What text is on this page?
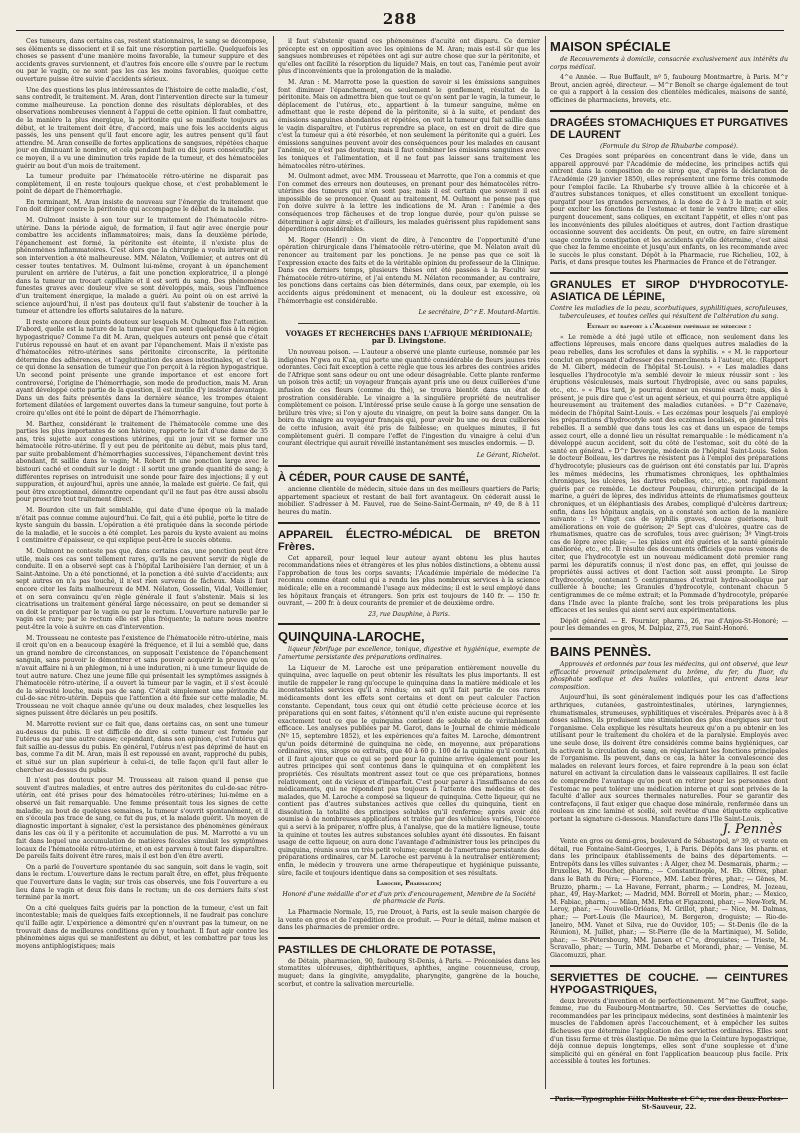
288

Ces tumeurs, dans certains cas, restent stationnaires, le sang se décompose, ses éléments se dissocient et il se fait une résorption partielle. Quelquefois les choses se passent d'une manière moins favorable, la tumeur suppure et des accidents graves surviennent, et d'autres fois encore elle s'ouvre par le rectum ou par le vagin, ce ne sont pas les cas les moins favorables, quoique cette ouverture puisse être suivie d'accidents sérieux.

Une des questions les plus intéressantes de l'histoire de cette maladie, c'est, sans contredit, le traitement. M. Aran, dont l'intervention directe sur la tumeur comme malheureuse. La ponction donne des résultats déplorables, et des observations nombreuses viennent à l'appui de cette opinion. Il faut combattre, de la manière la plus énergique, la péritonite qui se manifeste toujours au début, et le traitement doit être, d'accord, mais une fois les accidents aigus passés, les uns pensent qu'il faut encore agir, les autres pensent qu'il faut attendre. M. Aran conseille de fortes applications de sangsues, répétées chaque jour en diminuant le nombre, et cela pendant huit ou dix jours consécutifs; par ce moyen, il a vu une diminution très rapide de la tumeur, et des hématocèles guérir au bout d'un mois de traitement.

La tumeur produite par l'hématocèle rétro-utérine ne disparait pas complètement, il en reste toujours quelque chose, et c'est probablement le point de départ de l'hémorrhagie.

En terminant, M. Aran insiste de nouveau sur l'énergie du traitement que l'on doit diriger contre la péritonite qui accompagne le début de la maladie.

M. Oulmont insiste à son tour sur le traitement de l'hématocèle rétro-utérine. Dans la période aiguë, de formation, il faut agir avec énergie pour combattre les accidents inflammatoires; mais, dans la deuxième période, l'épanchement est formé, la péritonite est éteinte, il n'existe plus de phénomènes inflammatoires. C'est alors que la chirurgie a voulu intervenir et son intervention a été malheureuse. MM. Nélaton, Voillemier, et autres ont dû cesser toutes tentatives. M. Oulmont lui-même, croyant à un épanchement purulent en arrière de l'utérus, a fait une ponction exploratrice, il a plongé dans la tumeur un trocart capillaire et il est sorti du sang. Des phénomènes funestes graves avec douleur vive se sont développés, mais, sous l'influence d'un traitement énergique, la malade a guéri. Au point où on est arrivé la science aujourd'hui, il n'est pas douteux qu'il faut s'abstenir de toucher à la tumeur et attendre les efforts salutaires de la nature.

Il reste encore deux points douteux sur lesquels M. Oulmont fixe l'attention. D'abord, quelle est la nature de la tumeur que l'on sent quelquefois à la région hypogastrique? Comme l'a dit M. Aran, quelques auteurs ont pensé que c'était l'utérus repoussé en haut et en avant par l'épanchement. Mais il n'existe pas d'hématocèles rétro-utérines sans péritonite circonscrite, la péritonite détermine des adhérences, et l'agglutination des anses intestinales, et c'est là ce qui donne la sensation de tumeur que l'on perçoit à la région hypogastrique. Un second point présente une grande importance et est encore fort controversé, l'origine de l'hémorrhagie, son mode de production, mais M. Aran ayant développé cette partie de la question, il est inutile d'y insister davantage. Dans un des faits présentés dans la dernière séance, les trompes étaient fortement dilatées et largement ouvertes dans la tumeur sanguine, tout porte à croire qu'elles ont été le point de départ de l'hémorrhagie.

M. Barthez, considérant le traitement de l'hématocèle comme une des parties les plus importantes de son histoire, rapporte le fait d'une dame de 35 ans, très sujette aux congestions utérines, qui un jour vit se former une hématocèle rétro-utérine. Il y eut peu de péritonite au début, mais plus tard, par suite probablement d'hémorrhagies successives, l'épanchement devint très abondant, fit saillie dans le vagin; M. Robert fit une ponction large avec le bistouri caché et conduit sur le doigt : il sortit une grande quantité de sang; à différentes reprises on introduisit une sonde pour faire des injections; il y eut suppuration, et aujourd'hui, après une année, la malade est guérie. Ce fait, qui peut être exceptionnel, démontre cependant qu'il ne faut pas être aussi absolu pour proscrire tout traitement direct.

M. Bourdon cite un fait semblable, qui date d'une époque où la malade n'était pas connue comme aujourd'hui. Ce fait, qui a été publié, porte le titre de kyste sanguin du bassin. L'opération a été pratiquée dans la seconde période de la maladie, et le succès a été complet. Les parois du kyste avaient au moins 1 centimètre d'épaisseur, ce qui explique peut-être le succès obtenu.

M. Oulmont ne conteste pas que, dans certains cas, une ponction peut être utile, mais ces cas sont tellement rares, qu'ils ne peuvent servir de règle de conduite. Il en a observé sept cas à l'hôpital Lariboisière l'an dernier, et un à Saint-Antoine. Un a été ponctionné, et la ponction a été suivie d'accidents; aux sept autres on n'a pas touché, il n'est rien survenu de fâcheux. Mais il faut encore citer les faits malheureux de MM. Nélaton, Gosselin, Vidal, Voillemier, et on sera convaincu qu'en règle générale il faut s'abstenir. Mais si les cicatrisations un traitement général large nécessaire, on peut se demander si on doit le pratiquer par le vagin ou par le rectum. L'ouverture naturelle par le vagin est rare; par le rectum elle est plus fréquente; la nature nous montre peut-être la voie à suivre en cas d'intervention.

M. Trousseau ne conteste pas l'existence de l'hématocèle rétro-utérine, mais il croit qu'on en a beaucoup exagéré la fréquence, et il lui a semblé que, dans un grand nombre de circonstances, on supposait l'existence de l'épanchement sanguin, sans pouvoir le démontrer et sans pouvoir acquérir la preuve qu'on n'avait affaire ni à un phlegmon, ni à une induration, ni à une tumeur liquide de tout autre nature. Chez une jeune fille qui présentait les symptômes assignés à l'hématocèle rétro-utérine, il a ouvert la tumeur par le vagin, et il s'est écoulé de la sérosité louche, mais pas de sang. C'était simplement une péritonite du cul-de-sac rétro-utérin. Depuis que l'attention a été fixée sur cette maladie, M. Trousseau ne voit chaque année qu'une ou deux malades, chez lesquelles les signes puissent être déclarés un peu positifs.

M. Marrotte revient sur ce fait que, dans certains cas, on sent une tumeur au-dessus du pubis. Il est difficile de dire si cette tumeur est formée par l'utérus ou par une autre cause; cependant, dans son opinion, c'est l'utérus qui fait saillie au-dessus du pubis. En général, l'utérus n'est pas déprimé de haut en bas, comme l'a dit M. Aran, mais il est repoussé en avant, rapproché du pubis, et situé sur un plan supérieur à celui-ci, de telle façon qu'il faut aller le chercher au-dessus du pubis.

Il n'est pas douteux pour M. Trousseau ait raison quand il pense que souvent d'autres maladies, et entre autres des péritonites du cul-de-sac rétro-utérin, ont été prises pour des hématocèles rétro-utérines; lui-même en a observé un fait remarquable. Une femme présentait tous les signes de cette maladie; au bout de quelques semaines, la tumeur s'ouvrit spontanément, et il en s'écoula pas trace de sang, ce fut du pus, et la malade guérit. Un moyen de diagnostic important à signaler, c'est la persistance des phénomènes généraux dans les cas où il y a péritonite et accumulation de pus. M. Marrotte a vu un fait dans lequel une accumulation de matières fécales simulait les symptômes locaux de l'hématocèle rétro-utérine, et on est parvenu à tout faire disparaître. De pareils faits doivent être rares, mais il est bon d'en être averti.

On a parlé de l'ouverture spontanée du sac sanguin, soit dans le vagin, soit dans le rectum. L'ouverture dans le rectum paraît être, en effet, plus fréquente que l'ouverture dans le vagin; sur trois cas observés, une fois l'ouverture a eu lieu dans le vagin et deux fois dans le rectum; un de ces derniers faits s'est terminé par la mort.

On a cité quelques faits guéris par la ponction de la tumeur, c'est un fait incontestable; mais de quelques faits exceptionnels, il ne faudrait pas conclure qu'il faille agir. L'expérience a démontré qu'en n'ouvrant pas la tumeur, on ne trouvait dans de meilleures conditions qu'en y touchant. Il faut agir contre les phénomènes aigus qui se manifestent au début, et les combattre par tous les moyens antiphlogistiques; mais

il faut s'abstenir quand ces phénomènes d'acuité ont disparu. Ce dernier précepte est en opposition avec les opinions de M. Aran; mais est-il sûr que les sangsues nombreuses et répétées ont agi sur autre chose que sur la péritonite, et qu'elles ont facilité la résorption du liquide? Mais, en tout cas, l'anémie peut avoir plus d'inconvénients que la prolongation de la maladie.

M. Aran : M. Marrotte pose la question de savoir si les émissions sanguines font diminuer l'épanchement, ou seulement le gonflement, résultat de la péritonite. Mais on admettra bien que tout ce qu'on sent par le vagin, la tumeur, le déplacement de l'utérus, etc., appartient à la tumeur sanguine, même en admettant que le reste dépend de la péritonite, si à la suite, et pendant des émissions sanguines abondantes et répétées, on voit la tumeur qui fait saillie dans le vagin disparaître, et l'utérus reprendre sa place, on est en droit de dire que c'est la tumeur qui a été résorbée, et non seulement la péritonite qui a guéri. Les émissions sanguines peuvent avoir des conséquences pour les malades en causant l'anémie, ce n'est pas douteux; mais il faut combiner les émissions sanguines avec les toniques et l'alimentation, et il ne faut pas laisser sans traitement les hématocèles rétro-utérines.

M. Oulmont admet, avec MM. Trousseau et Marrotte, que l'on a commis et que l'on commet des erreurs non douteuses, en prenant pour des hématocèles rétro-utérines des tumeurs qui n'en sont pas; mais il est certain que souvent il est impossible de se prononcer. Quant au traitement, M. Oulmont ne pense pas que l'on doive suivre à la lettre les indications de M. Aran : l'anémie a des conséquences trop fâcheuses et de trop longue durée, pour qu'on puisse se déterminer à agir ainsi; et d'ailleurs, les malades guérissent plus rapidement sans déperditions considérables.

M. Roger (Henri) : On vient de dire, à l'encontre de l'opportunité d'une opération chirurgicale dans l'hématocèle rétro-utérine, que M. Nélaton avait dû renoncer au traitement par les ponctions. Je ne pense pas que ce soit là l'expression exacte des faits et de la véritable opinion du professeur de la Clinique. Dans ces derniers temps, plusieurs thèses ont été passées à la Faculté sur l'hématocèle rétro-utérine, et j'ai entendu M. Nélaton recommander, au contraire, les ponctions dans certains cas bien déterminés, dans ceux, par exemple, où les accidents aigus prédominent et menacent, où la douleur est excessive, où l'hémorrhagie est considérable.

Le secrétaire, D^r E. Moutard-Martin.
VOYAGES ET RECHERCHES DANS L'AFRIQUE MÉRIDIONALE; par D. Livingstone.

Un nouveau poison. — L'auteur a observé une plante curieuse, nommée par les indigènes N'gwa ou K'aa, qui porte une quantité considérable de fleurs jaunes très odorantes. Ceci fait exception à cette règle que tous les arbres des contrées arides de l'Afrique sont sans odeur ou ont une odeur désagréable. Cette plante renferme un poison très actif; un voyageur français ayant pris une ou deux cuillerées d'une infusion de ces fleurs (comme du thé), se trouva bientôt dans un état de prostration considérable. Le vinaigre a la singulière propriété de neutraliser complètement ce poison. L'intéressé prise seule cause à la gorge une sensation de brûlure très vive; si l'on y ajoute du vinaigre, on peut la boire sans danger. On la boira du vinaigre au voyageur français qui, pour avoir bu une ou deux cuillerées de cette infusion, avait été pris de faiblesse; en quelques minutes, il fut complètement guéri. Il compare l'effet de l'ingestion du vinaigre à celui d'un courant électrique qui aurait réveillé instantanément ses muscles endormis. — D.

Le Gérant, Richelot.
À CÉDER, POUR CAUSE DE SANTÉ,

ancienne clientèle de médecin, située dans un des meilleurs quartiers de Paris; appartement spacieux et restant de bail fort avantageux. On céderait aussi le mobilier. S'adresser à M. Fauvel, rue de Seine-Saint-Germain, nº 49, de 8 à 11 heures du matin.

APPAREIL ÉLECTRO-MÉDICAL DE BRETON Frères.

Cet appareil, pour lequel leur auteur ayant obtenu les plus hautes recommandations nées et étrangères et les plus nobles distinctions, a obtenu aussi l'approbation de tous les corps savants; l'Académie impériale de médecine l'a reconnu comme étant celui qui a rendu les plus nombreux services à la science médicale; elle en a recommandé l'usage aux médecins; il est le seul employé dans les hôpitaux français et étrangers. Son prix est toujours de 140 fr. — 150 fr. ouvrant, — 200 fr. à deux courants de premier et de deuxième ordre.

23, rue Dauphine, à Paris.

QUINQUINA-LAROCHE,

liqueur fébrifuge par excellence, tonique, digestive et hygiénique, exempte de l'amertume persistante des préparations ordinaires.

La Liqueur de M. Laroche est une préparation entièrement nouvelle du quinquina, avec laquelle on peut obtenir les résultats les plus importants. Il est inutile de rappeler le rang qu'occupe le quinquina dans la matière médicale et les incontestables services qu'il a rendus; on sait qu'il fait partie de ces rares médicaments dont les effets sont certains et dont on peut calculer l'action constante. Cependant, tous ceux qui ont étudié cette précieuse écorce et les préparations qui en sont faites, s'étonnent qu'il n'en existe aucune qui représente exactement tout ce que le quinquina contient de soluble et de véritablement efficace. Les analyses publiées par M. Garot, dans le Journal de chimie médicale (Nº 15, septembre 1852), et les expériences qu'a faites M. Laroche, démontrent qu'un poids déterminé de quinquina ne cède, en moyenne, aux préparations ordinaires, vins, sirops ou extraits, que 40 à 60 p. 100 de la quinine qu'il contient, et il faut ajouter que ce qui se perd pour la quinine arrive également pour les autres principes qui sont contenus dans le quinquina et en complètent les propriétés. Ces résultats montrent assez tout ce que ces préparations, bonnes relativement, ont de vicieux et d'imparfait. C'est pour parer à l'insuffisance de ces médicaments, qui ne répondent pas toujours à l'attente des médecins et des malades, que M. Laroche a composé sa liqueur de quinquina. Cette liqueur, qui ne contient pas d'autres substances actives que celles du quinquina, tient en dissolution la totalité des principes solubles qu'il renferme; après avoir été soumise à de nombreuses applications et traitée par des véhicules variés, l'écorce qui a servi à la préparer, n'offre plus, à l'analyse, que de la matière ligneuse, toute la quinine et toutes les autres substances solubles ayant été dissoutes. En faisant usage de cette liqueur, on aura donc l'avantage d'administrer tous les principes du quinquina, réunis sous un très petit volume; exempt de l'amertume persistante des préparations ordinaires, car M. Laroche est parvenu à la neutraliser entièrement; enfin, le médecin y trouvera une arme thérapeutique et hygiénique puissante, sûre, facile et toujours identique dans sa composition et ses résultats.

Laroche, Pharmacien;

Honoré d'une médaille d'or et d'un prix d'encouragement, Membre de la Société de pharmacie de Paris.

La Pharmacie Normale, 15, rue Drouot, à Paris, est la seule maison chargée de la vente en gros et de l'expédition de ce produit. — Pour le détail, même maison et dans les pharmacies de premier ordre.

PASTILLES DE CHLORATE DE POTASSE,

de Détain, pharmacien, 90, faubourg St-Denis, à Paris. — Préconisées dans les stomatites ulcéreuses, diphthéritiques, aphthes, angine couenneuse, croup, muguet; dans la gingivite, amygdalite, pharyngite, gangrène de la bouche, scorbut, et contre la salivation mercurielle.

MAISON SPÉCIALE

de Recouvrements à domicile, consacrée exclusivement aux intérêts du corps médical.

4^e Année. — Rue Buffault, nº 5, faubourg Montmartre, à Paris. M^r Brout, ancien agréé, directeur. — M^r Benoît se charge également de tout ce qui a rapport à la cession des clientèles médicales, maisons de santé, officines de pharmaciens, brevets, etc.

DRAGÉES STOMACHIQUES ET PURGATIVES DE LAURENT
(Formule du Sirop de Rhubarbe composé).

Ces Dragées sont préparées en concentrant dans le vide, dans un appareil approuvé par l'Académie de médecine, les principes actifs qui entrent dans la composition de ce sirop que, d'après la déclaration de l'Académie (29 janvier 1850), elles représentent une forme très commode pour l'emploi facile. La Rhubarbe s'y trouve alliée à la chicorée et à d'autres substances toniques, et elles constituent un excellent tonique-purgatif pour les grandes personnes, à la dose de 2 à 3 le matin et soir, pour exciter les fonctions de l'estomac et tenir le ventre libre; car elles purgent doucement, sans coliques, en excitant l'appétit, et elles n'ont pas les inconvénients des pilules aloétiques et autres, dont l'action drastique occasionne souvent des accidents. On peut, en outre, en faire sûrement usage contre la constipation et les accidents qu'elle détermine, c'est ainsi que chez la femme enceinte et jusqu'aux enfants, on les recommande avec le succès le plus constant. Dépôt à la Pharmacie, rue Richelieu, 102, à Paris, et dans presque toutes les Pharmacies de France et de l'étranger.

GRANULES ET SIROP D'HYDROCOTYLE-ASIATICA DE LÉPINE,
Contre les maladies de la peau, scorbutiques, syphilitiques, scrofuleuses, tuberculeuses, et toutes celles qui résultent de l'altération du sang.

Extrait du rapport à l'Académie impériale de médecine :

« Le remède a été jugé utile et efficace, non seulement dans les affections lépreuses, mais encore dans quelques autres maladies de la peau rebelles, dans les scrofules et dans la syphilis. » « M. le rapporteur conclut en proposant d'adresser des remercîments à l'auteur, etc. (Rapport de M. Gibert, médecin de l'hôpital St-Louis). » « Les maladies dans lesquelles l'hydrocotyle m'a semblé devoir le mieux réussir sont : les éruptions vésiculeuses, mais surtout l'hydropisie, avec ou sans papules, etc., etc. » « Plus tard, je pourrai donner un résumé exact; mais, dès à présent, je puis dire que c'est un agent sérieux, et qui pourra être appliqué heureusement au traitement des maladies cutanées. » D^r Cazenave, médecin de l'hôpital Saint-Louis. « Les eczémas pour lesquels j'ai employé les préparations d'hydrocotyle sont des eczémas localisés, en général très rebelles. Il a semblé que dans tous les cas et dans un espace de temps assez court, elle a donné lieu un résultat remarquable : le médicament n'a développé aucun accident, soit du côté de l'estomac, soit du côté de la santé en général. » D^r Devergie, médecin de l'hôpital Saint-Louis. Selon le docteur Boileau, les dartres ne résistent pas à l'emploi des préparations d'hydrocotyle; plusieurs cas de guérison ont été constatés par lui. D'après les mêmes médecins, les rhumatismes chroniques, les ophthalmies chroniques, les ulcères, les dartres rebelles, etc., etc., sont rapidement guéris par ce remède. Le docteur Poupeau, chirurgien principal de la marine, a guéri de lèpres, des individus atteints de rhumatismes goutteux chroniques, et un éléphantiasis des Arabes, compliqué d'ulcères dartreux; enfin, dans les hôpitaux anglais, on a constaté son action de la manière suivante : 1º Vingt cas de syphilis graves, douze guérisons, huit améliorations en voie de guérison; 2º Sept cas d'ulcères, quatre cas de rhumatismes, quatre cas de scrofules, tous avec guérison; 3º Vingt-trois cas de lèpre avec plaie; — les plaies ont été guéries et la santé générale améliorée, etc., etc. Il résulte des documents officiels que nous venons de citer, que l'hydrocotyle est un nouveau médicament doté premier rang parmi les dépuratifs connus; il n'est donc pas, en effet, qui jouisse de propriétés aussi actives et dont l'action soit aussi prompte. Le Sirop d'hydrocotyle, contenant 5 centigrammes d'extrait hydro-alcoolique par cuillerée à bouche; les Granules d'hydrocotyle, contenant chacun 5 centigrammes de ce même extrait; et la Pommade d'hydrocotyle, préparée dans l'Inde avec la plante fraîche, sont les trois préparations les plus efficaces et les seules qui aient servi aux expérimentations.

Dépôt général. — E. Fournier, pharm., 26, rue d'Anjou-St-Honoré; — pour les demandes en gros, M. Dalpiaz, 275, rue Saint-Honoré.

BAINS PENNÈS.

Approuvés et ordonnés par tous les médecins, qui ont observé, que leur efficacité provenait principalement du brôme, du fer, du fluor, du phosphate sodique et des huiles volatiles, qui entrent dans leur composition.

Aujourd'hui, ils sont généralement indiqués pour les cas d'affections arthriques, cutanées, gastrointestinales, utérines, laryngiennes, rhumatismales, strumeuses, syphilitiques et viscérales. Préparés avec à à 8 doses salines, ils produisent une stimulation des plus énergiques sur tout l'organisme. Cela explique les résultats heureux qu'on a pu obtenir en les utilisant pour le traitement du choléra et de la paralysie. Employés avec une seule dose, ils doivent être considérés comme bains hygiéniques, car ils activent la circulation du sang, en régularisant les fonctions principales de l'organisme. Ils peuvent, dans ce cas, la hâter la convalescence des malades en relevant leurs forces, et faire reprendre à la peau son éclat naturel en activant la circulation dans le vaisseaux capillaires. Il est facile de comprendre l'avantage qu'on peut en retirer pour les personnes dont l'estomac ne peut tolérer une médication interne et qui sont privées de la faculté d'aller aux sources thermales naturelles. Pour se garantir des contrefaçons, il faut exiger que chaque dose minérale, renfermée dans un rouleau en zinc laminé et scellé, soit revêtue d'une étiquette explicative portant la signature ci-dessous. Manufacture dans l'Ile Saint-Louis.

J. Pennès

Vente en gros ou demi-gros, boulevard de Sébastopol, nº 39, et vente en détail, rue Fontaine-Saint-Georges, 1, à Paris. Dépôts dans les pharm. et dans les principaux établissements de bains des départements. — Entrepôts dans les villes suivantes : À Alger, chez M. Desmarais, pharm.; — Bruxelles, M. Boucher, pharm.; — Constantinople, M. Eb. Oltrex, phar. dans le Bath du Péra; — Florence, MM. Lebez frères, phar.; — Gênes, M. Bruzzo, pharm.; — La Havane, Ferrant, pharm.; — Londres, M. Jozeau, phar., 49, Hay-Market; — Madrid, MM. Borrell et Morin, phar.; — Mexico, M. Fabiac, pharm.; — Milan, MM. Erba et Figazzoni, phar.; — New-York, M. Leroy, phar.; — Nouvelle-Orléans, M. Grillot, phar.; — Nice, M. Dalmas, phar.; — Port-Louis (île Maurice), M. Bergeron, droguiste; — Rio-de-Janeiro, MM. Vanet et Silva, rue do Ouvidor, 105; — St-Denis (île de la Réunion), M. Juillet, phar.; — St-Pierre (île de la Martinique), M. Solide, phar.; — St-Pétersbourg, MM. Jansen et C^e, droguistes; — Trieste, M. Scravallo, phar.; — Turin, MM. Debarbe et Morandi, phar.; — Venise, M. Giacomuzzi, phar.

SERVIETTES DE COUCHE. — CEINTURES HYPOGASTRIQUES,

deux brevets d'invention et de perfectionnement. M^me Gauffrot, sage-femme, rue du Faubourg-Montmartre, 50. Ces Serviettes de couche, recommandées par les principaux médecins, sont destinées à maintenir les muscles de l'abdomen après l'accouchement, et à empêcher les suites fâcheuses que détermine l'application des serviettes ordinaires. Elles sont d'un tissu ferme et très élastique. De même que la Ceinture hypogastrique, déjà connue depuis longtemps, elles sont d'une souplesse et d'une simplicité qui en général en font l'application beaucoup plus facile. Prix accessible à toutes les fortunes.

Paris.—Typographie Félix Malteste et C^e, rue des Deux-Portes-St-Sauveur, 22.
